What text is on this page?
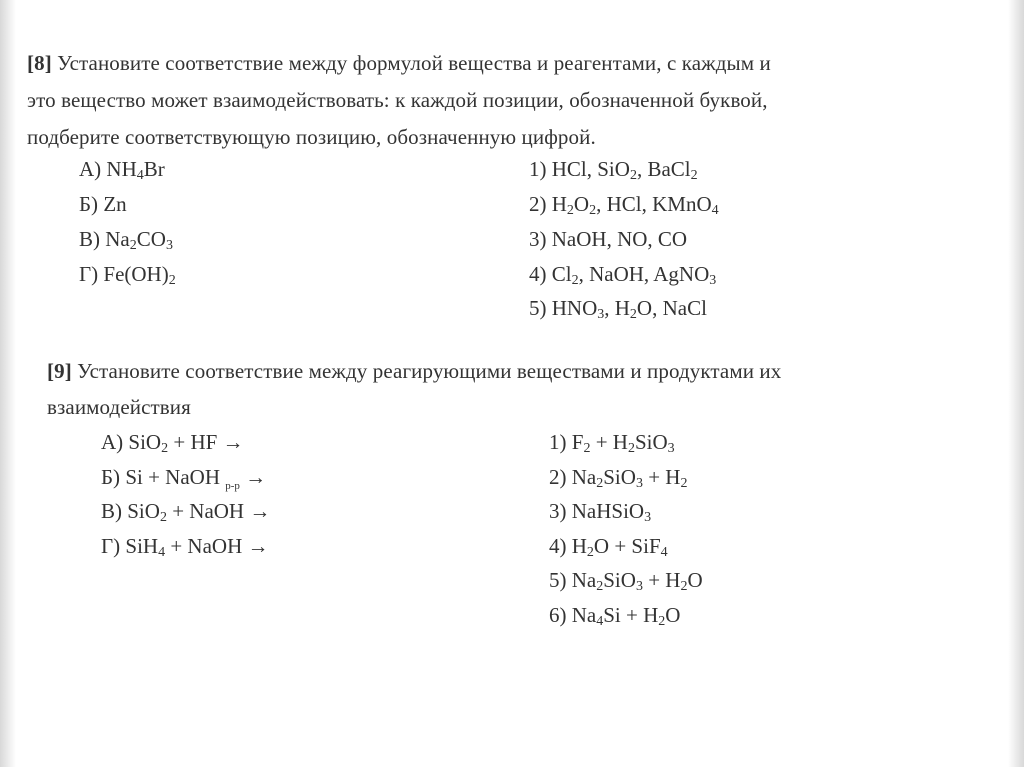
[8] Установите соответствие между формулой вещества и реагентами, с каждым и
это вещество может взаимодействовать: к каждой позиции, обозначенной буквой,
подберите соответствующую позицию, обозначенную цифрой.
А) $NH_4Br$
Б) Zn
В) $Na_2CO_3$
Г) $Fe(OH)_2$
1) HCl, SiO$_2$, BaCl$_2$
2) $H_2O_2$, HCl, KMnO$_4$
3) NaOH, NO, CO
4) $Cl_2$, NaOH, AgNO$_3$
5) $HNO_3$, $H_2O$, NaCl
[9] Установите соответствие между реагирующими веществами и продуктами их
взаимодействия
А) SiO$_2$ + HF →
Б) Si + NaOH $_{р-р}$ →
В) SiO$_2$ + NaOH →
Г) SiH$_4$ + NaOH →
1) $F_2 + H_2SiO_3$
2) $Na_2SiO_3 + H_2$
3) NaHSiO$_3$
4) $H_2O + SiF_4$
5) $Na_2SiO_3 + H_2O$
6) $Na_4Si + H_2O$
